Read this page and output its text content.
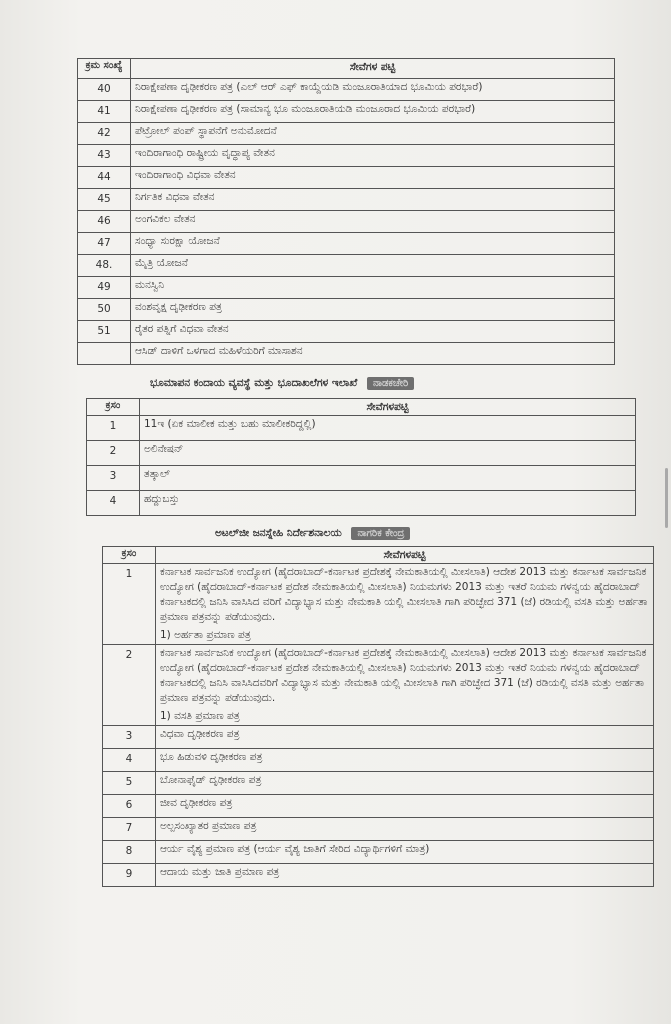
ಕ್ರಮ ಸಂಖ್ಯೆ	ಸೇವೆಗಳ ಪಟ್ಟಿ
40	ನಿರಾಕ್ಷೇಪಣಾ ದೃಢೀಕರಣ ಪತ್ರ (ಎಲ್ ಆರ್ ಎಫ್ ಕಾಯ್ದೆಯಡಿ ಮಂಜೂರಾತಿಯಾದ ಭೂಮಿಯ ಪರಭಾರೆ)
41	ನಿರಾಕ್ಷೇಪಣಾ ದೃಢೀಕರಣ ಪತ್ರ (ಸಾಮಾನ್ಯ ಭೂ ಮಂಜೂರಾತಿಯಡಿ ಮಂಜೂರಾದ ಭೂಮಿಯ ಪರಭಾರೆ)
42	ಪೆಟ್ರೋಲ್ ಪಂಪ್ ಸ್ಥಾಪನೆಗೆ ಅನುಮೋದನೆ
43	ಇಂದಿರಾಗಾಂಧಿ ರಾಷ್ಟ್ರೀಯ ವೃದ್ಧಾಪ್ಯ ವೇತನ
44	ಇಂದಿರಾಗಾಂಧಿ ವಿಧವಾ ವೇತನ
45	ನಿರ್ಗತಿಕ ವಿಧವಾ ವೇತನ
46	ಅಂಗವಿಕಲ ವೇತನ
47	ಸಂಧ್ಯಾ ಸುರಕ್ಷಾ ಯೋಜನೆ
48.	ಮೈತ್ರಿ ಯೋಜನೆ
49	ಮನಸ್ವಿನಿ
50	ವಂಶವೃಕ್ಷ ದೃಢೀಕರಣ ಪತ್ರ
51	ರೈತರ ಪತ್ನಿಗೆ ವಿಧವಾ ವೇತನ
	ಆಸಿಡ್ ದಾಳಿಗೆ ಒಳಗಾದ ಮಹಿಳೆಯರಿಗೆ ಮಾಸಾಶನ
ಭೂಮಾಪನ ಕಂದಾಯ ವ್ಯವಸ್ಥೆ ಮತ್ತು ಭೂದಾಖಲೆಗಳ ಇಲಾಖೆ ನಾಡಕಚೇರಿ
ಕ್ರಸಂ	ಸೇವೆಗಳಪಟ್ಟಿ
1	11ಇ (ಏಕ ಮಾಲೀಕ ಮತ್ತು ಬಹು ಮಾಲೀಕರಿದ್ದಲ್ಲಿ)
2	ಅಲಿನೇಷನ್
3	ತತ್ಕಾಲ್
4	ಹದ್ದುಬಸ್ತು
ಅಟಲ್‌ಜೀ ಜನಸ್ನೇಹಿ ನಿರ್ದೇಶನಾಲಯ ನಾಗರಿಕ ಕೇಂದ್ರ
ಕ್ರಸಂ	ಸೇವೆಗಳಪಟ್ಟಿ
1	ಕರ್ನಾಟಕ ಸಾರ್ವಜನಿಕ ಉದ್ಯೋಗ (ಹೈದರಾಬಾದ್-ಕರ್ನಾಟಕ ಪ್ರದೇಶಕ್ಕೆ ನೇಮಕಾತಿಯಲ್ಲಿ ಮೀಸಲಾತಿ) ಆದೇಶ 2013 ಮತ್ತು ಕರ್ನಾಟಕ ಸಾರ್ವಜನಿಕ ಉದ್ಯೋಗ (ಹೈದರಾಬಾದ್-ಕರ್ನಾಟಕ ಪ್ರದೇಶ ನೇಮಕಾತಿಯಲ್ಲಿ ಮೀಸಲಾತಿ) ನಿಯಮಗಳು 2013 ಮತ್ತು ಇತರೆ ನಿಯಮ ಗಳನ್ವಯ ಹೈದರಾಬಾದ್ ಕರ್ನಾಟಕದಲ್ಲಿ ಜನಿಸಿ ವಾಸಿಸಿದ ವರಿಗೆ ವಿದ್ಯಾಭ್ಯಾಸ ಮತ್ತು ನೇಮಕಾತಿ ಯಲ್ಲಿ ಮೀಸಲಾತಿ ಗಾಗಿ ಪರಿಚ್ಛೇದ 371 (ಜೆ) ರಡಿಯಲ್ಲಿ ವಸತಿ ಮತ್ತು ಅರ್ಹತಾ ಪ್ರಮಾಣ ಪತ್ರವನ್ನು ಪಡೆಯುವುದು.
1) ಅರ್ಹತಾ ಪ್ರಮಾಣ ಪತ್ರ

2	ಕರ್ನಾಟಕ ಸಾರ್ವಜನಿಕ ಉದ್ಯೋಗ (ಹೈದರಾಬಾದ್-ಕರ್ನಾಟಕ ಪ್ರದೇಶಕ್ಕೆ ನೇಮಕಾತಿಯಲ್ಲಿ ಮೀಸಲಾತಿ) ಆದೇಶ 2013 ಮತ್ತು ಕರ್ನಾಟಕ ಸಾರ್ವಜನಿಕ ಉದ್ಯೋಗ (ಹೈದರಾಬಾದ್-ಕರ್ನಾಟಕ ಪ್ರದೇಶ ನೇಮಕಾತಿಯಲ್ಲಿ ಮೀಸಲಾತಿ) ನಿಯಮಗಳು 2013 ಮತ್ತು ಇತರೆ ನಿಯಮ ಗಳನ್ವಯ ಹೈದರಾಬಾದ್ ಕರ್ನಾಟಕದಲ್ಲಿ ಜನಿಸಿ ವಾಸಿಸಿದವರಿಗೆ ವಿದ್ಯಾಭ್ಯಾಸ ಮತ್ತು ನೇಮಕಾತಿ ಯಲ್ಲಿ ಮೀಸಲಾತಿ ಗಾಗಿ ಪರಿಚ್ಛೇದ 371 (ಜೆ) ರಡಿಯಲ್ಲಿ ವಸತಿ ಮತ್ತು ಅರ್ಹತಾ ಪ್ರಮಾಣ ಪತ್ರವನ್ನು ಪಡೆಯುವುದು.
1) ವಸತಿ ಪ್ರಮಾಣ ಪತ್ರ

3	ವಿಧವಾ ದೃಢೀಕರಣ ಪತ್ರ
4	ಭೂ ಹಿಡುವಳಿ ದೃಢೀಕರಣ ಪತ್ರ
5	ಬೋನಾಫೈಡ್ ದೃಢೀಕರಣ ಪತ್ರ
6	ಜೀವ ದೃಢೀಕರಣ ಪತ್ರ
7	ಅಲ್ಪಸಂಖ್ಯಾತರ ಪ್ರಮಾಣ ಪತ್ರ
8	ಆರ್ಯ ವೈಶ್ಯ ಪ್ರಮಾಣ ಪತ್ರ (ಆರ್ಯ ವೈಶ್ಯ ಜಾತಿಗೆ ಸೇರಿದ ವಿದ್ಯಾರ್ಥಿಗಳಿಗೆ ಮಾತ್ರ)
9	ಆದಾಯ ಮತ್ತು ಜಾತಿ ಪ್ರಮಾಣ ಪತ್ರ
